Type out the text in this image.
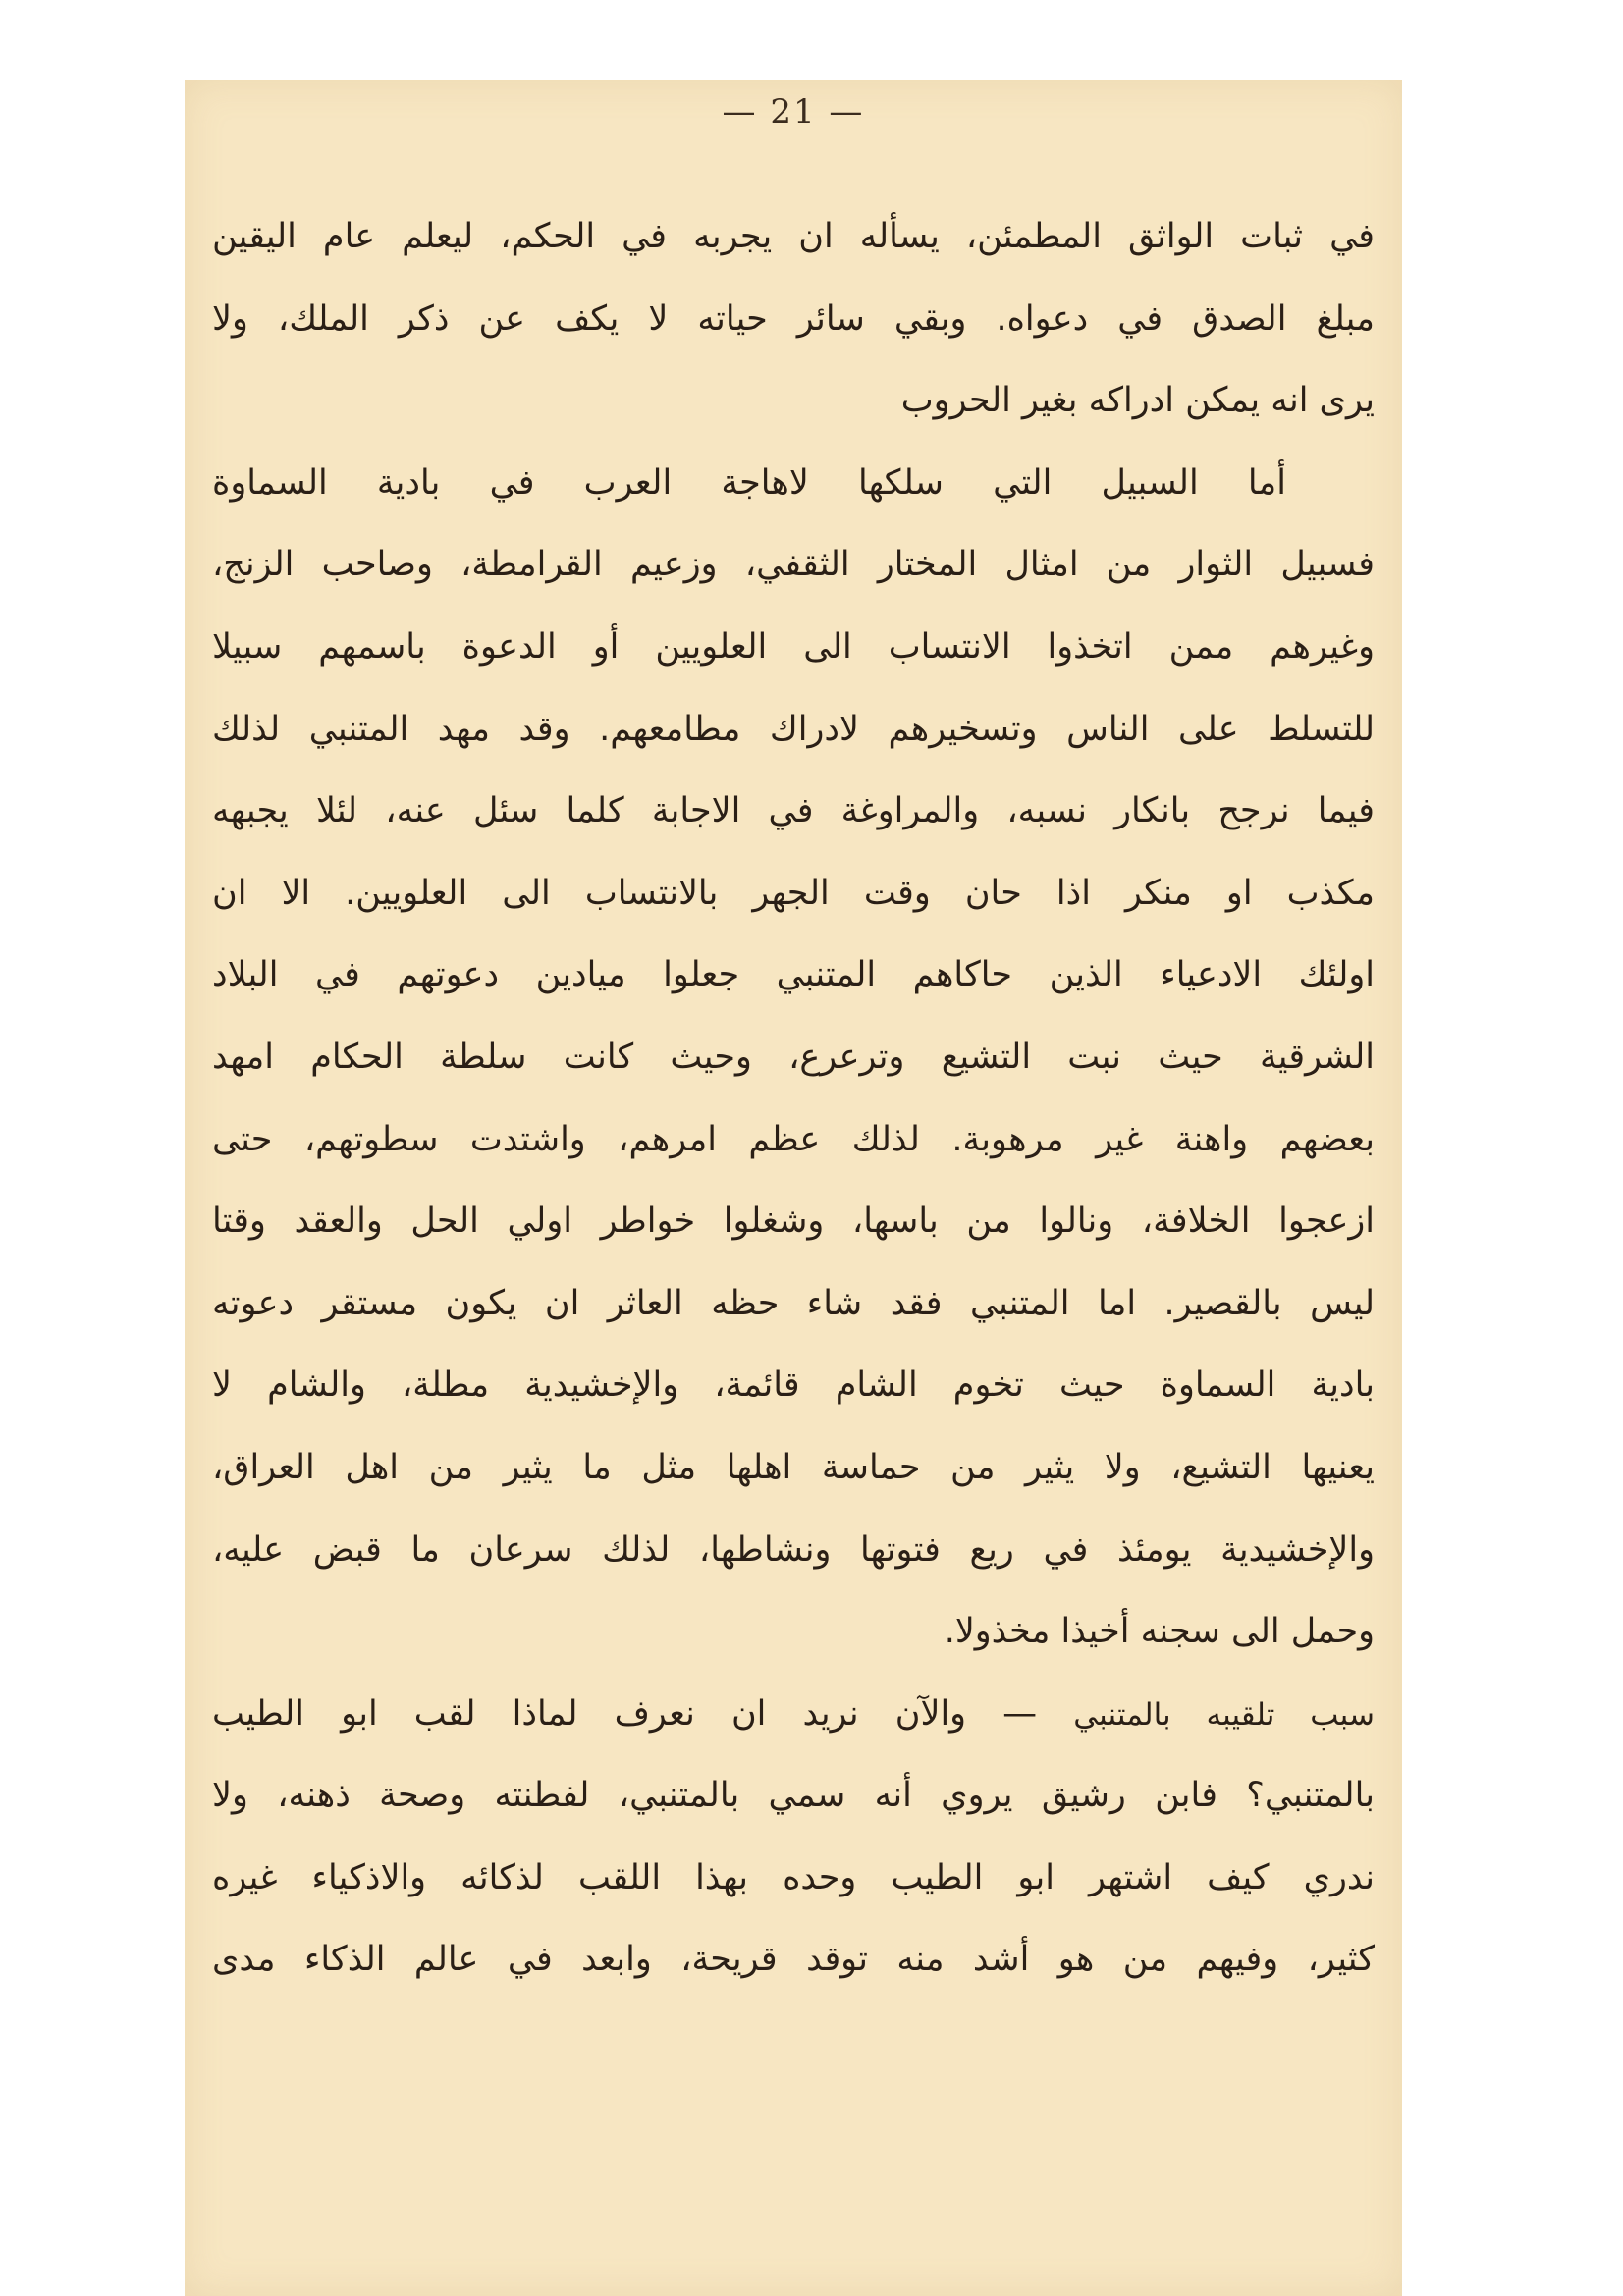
— 21 —
في ثبات الواثق المطمئن، يسأله ان يجربه في الحكم، ليعلم عام اليقين
مبلغ الصدق في دعواه. وبقي سائر حياته لا يكف عن ذكر الملك، ولا
يرى انه يمكن ادراكه بغير الحروب
أما السبيل التي سلكها لاهاجة العرب في بادية السماوة
فسبيل الثوار من امثال المختار الثقفي، وزعيم القرامطة، وصاحب الزنج،
وغيرهم ممن اتخذوا الانتساب الى العلويين أو الدعوة باسمهم سبيلا
للتسلط على الناس وتسخيرهم لادراك مطامعهم. وقد مهد المتنبي لذلك
فيما نرجح بانكار نسبه، والمراوغة في الاجابة كلما سئل عنه، لئلا يجبهه
مكذب او منكر اذا حان وقت الجهر بالانتساب الى العلويين. الا ان
اولئك الادعياء الذين حاكاهم المتنبي جعلوا ميادين دعوتهم في البلاد
الشرقية حيث نبت التشيع وترعرع، وحيث كانت سلطة الحكام امهد
بعضهم واهنة غير مرهوبة. لذلك عظم امرهم، واشتدت سطوتهم، حتى
ازعجوا الخلافة، ونالوا من باسها، وشغلوا خواطر اولي الحل والعقد وقتا
ليس بالقصير. اما المتنبي فقد شاء حظه العاثر ان يكون مستقر دعوته
بادية السماوة حيث تخوم الشام قائمة، والإخشيدية مطلة، والشام لا
يعنيها التشيع، ولا يثير من حماسة اهلها مثل ما يثير من اهل العراق،
والإخشيدية يومئذ في ريع فتوتها ونشاطها، لذلك سرعان ما قبض عليه،
وحمل الى سجنه أخيذا مخذولا.
سبب تلقيبه بالمتنبي — والآن نريد ان نعرف لماذا لقب ابو الطيب
بالمتنبي؟ فابن رشيق يروي أنه سمي بالمتنبي، لفطنته وصحة ذهنه، ولا
ندري كيف اشتهر ابو الطيب وحده بهذا اللقب لذكائه والاذكياء غيره
كثير، وفيهم من هو أشد منه توقد قريحة، وابعد في عالم الذكاء مدى
